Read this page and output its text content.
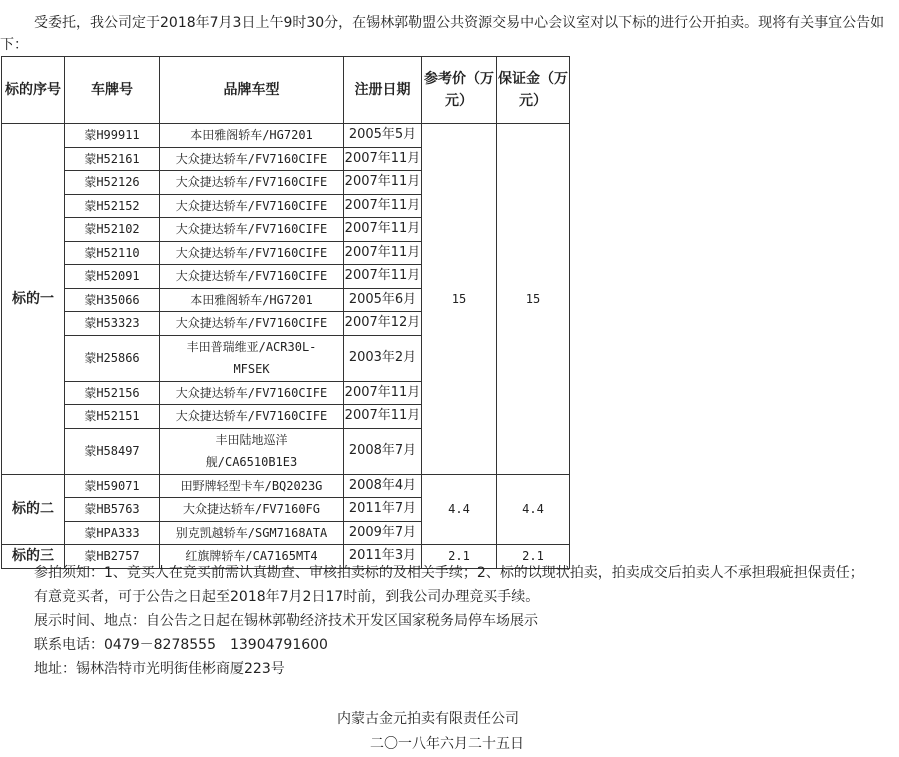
受委托，我公司定于2018年7月3日上午9时30分，在锡林郭勒盟公共资源交易中心会议室对以下标的进行公开拍卖。现将有关事宜公告如下：
标的序号	车牌号	品牌车型	注册日期	参考价（万元）	保证金（万元）
标的一	蒙H99911	本田雅阁轿车/HG7201	2005年5月	15	15
	蒙H52161	大众捷达轿车/FV7160CIFE	2007年11月		
	蒙H52126	大众捷达轿车/FV7160CIFE	2007年11月		
	蒙H52152	大众捷达轿车/FV7160CIFE	2007年11月		
	蒙H52102	大众捷达轿车/FV7160CIFE	2007年11月		
	蒙H52110	大众捷达轿车/FV7160CIFE	2007年11月		
	蒙H52091	大众捷达轿车/FV7160CIFE	2007年11月		
	蒙H35066	本田雅阁轿车/HG7201	2005年6月		
	蒙H53323	大众捷达轿车/FV7160CIFE	2007年12月		
	蒙H25866	丰田普瑞维亚/ACR30L-MFSEK	2003年2月		
	蒙H52156	大众捷达轿车/FV7160CIFE	2007年11月		
	蒙H52151	大众捷达轿车/FV7160CIFE	2007年11月		
	蒙H58497	丰田陆地巡洋舰/CA6510B1E3	2008年7月		
标的二	蒙H59071	田野牌轻型卡车/BQ2023G	2008年4月	4.4	4.4
	蒙HB5763	大众捷达轿车/FV7160FG	2011年7月		
	蒙HPA333	别克凯越轿车/SGM7168ATA	2009年7月		
标的三	蒙HB2757	红旗牌轿车/CA7165MT4	2011年3月	2.1	2.1

参拍须知：1、竞买人在竞买前需认真勘查、审核拍卖标的及相关手续；2、标的以现状拍卖，拍卖成交后拍卖人不承担瑕疵担保责任；

有意竞买者，可于公告之日起至2018年7月2日17时前，到我公司办理竞买手续。

展示时间、地点：自公告之日起在锡林郭勒经济技术开发区国家税务局停车场展示

联系电话：0479－8278555　13904791600

地址：锡林浩特市光明街佳彬商厦223号

内蒙古金元拍卖有限责任公司
二〇一八年六月二十五日
